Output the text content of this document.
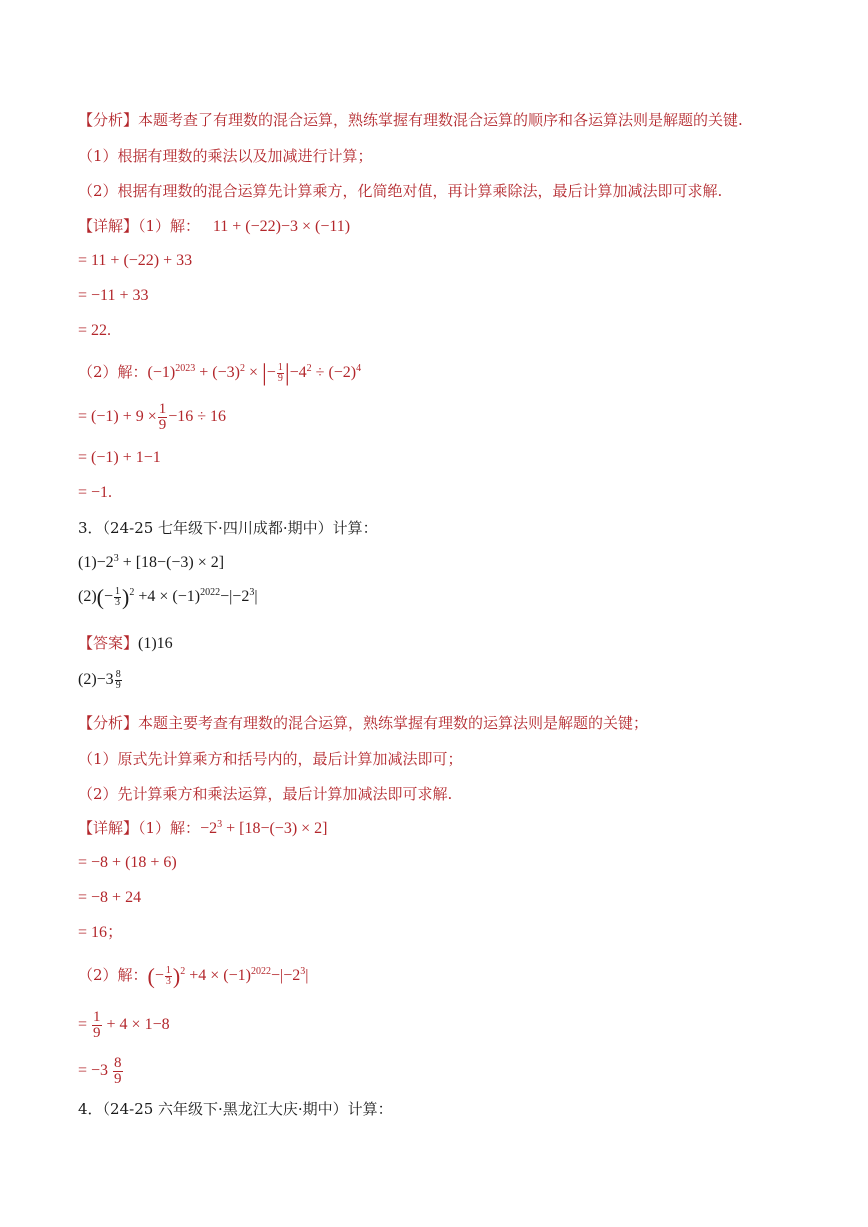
【分析】本题考查了有理数的混合运算，熟练掌握有理数混合运算的顺序和各运算法则是解题的关键.
（1）根据有理数的乘法以及加减进行计算；
（2）根据有理数的混合运算先计算乘方，化简绝对值，再计算乘除法，最后计算加减法即可求解.
【详解】（1）解： 11 + (−22)−3 × (−11)
= 11 + (−22) + 33
= −11 + 33
= 22.
（2）解：$(-1)^{2023} + (-3)^2$ × |− $\frac{1}{9} |-4^2 \div (-2)^4$
= $(-1) + 9 \times \frac{1}{9} -16 \div 16$
= (−1) + 1−1
= −1.
3．（24-25 七年级下·四川成都·期中）计算：
$(1)-2^3 + [18-(-3) \times 2]$
$(2)(- \frac{1}{3} )^2 +4 \times (-1)^{2022}-|-2^3|$
【答案】(1)16
$(2)-3 \frac{8}{9}$
【分析】本题主要考查有理数的混合运算，熟练掌握有理数的运算法则是解题的关键；
（1）原式先计算乘方和括号内的，最后计算加减法即可；
（2）先计算乘方和乘法运算，最后计算加减法即可求解.
【详解】（1）解：$-2^3 + [18-(-3) \times 2]$
= −8 + (18 + 6)
= −8 + 24
= 16；
（2）解：(− $\frac{1}{3} )^2 +4 \times (-1)^{2022}-|-2^3|$
= $\frac{1}{9} + 4 \times 1-8$
= $-3 \frac{8}{9}$
4．（24-25 六年级下·黑龙江大庆·期中）计算：
